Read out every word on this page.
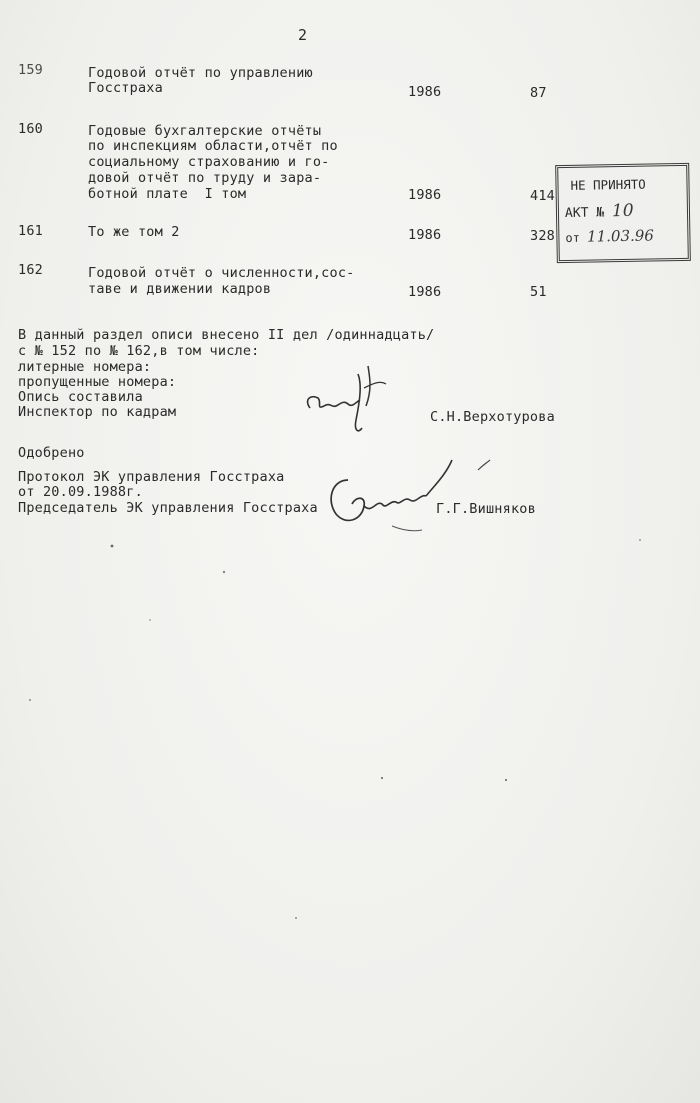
2
159	Годовой отчёт по управлению
Госстраха	1986	87
160	Годовые бухгалтерские отчёты
по инспекциям области,отчёт по
социальному страхованию и го-
довой отчёт по труду и зара-
ботной плате  I том	1986	414
161	То же том 2	1986	328
162	Годовой отчёт о численности,сос-
таве и движении кадров	1986	51
НЕ ПРИНЯТО
АКТ № 10
от 11.03.96
В данный раздел описи внесено II дел /одиннадцать/
с № 152 по № 162,в том числе:
литерные номера:
пропущенные номера:
Опись составила
Инспектор по кадрам	С.Н.Верхотурова
Одобрено
Протокол ЭК управления Госстраха
от 20.09.1988г.
Председатель ЭК управления Госстраха	Г.Г.Вишняков
